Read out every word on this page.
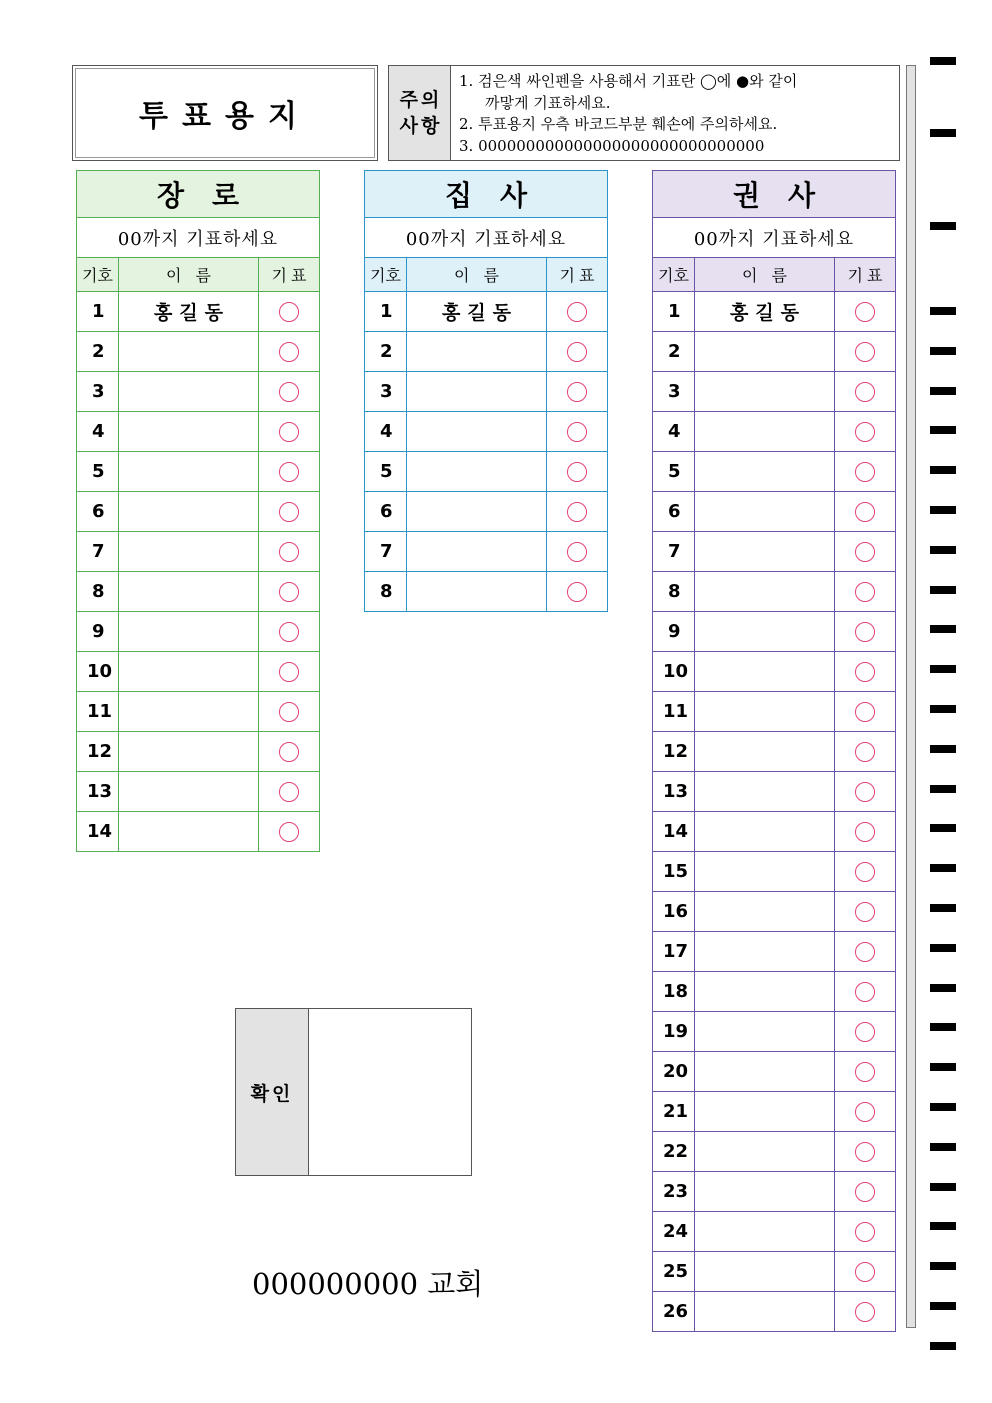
투표용지	주의
사항
1. 검은색 싸인펜을 사용해서 기표란 ◯에 ●와 같이
까맣게 기표하세요.
2. 투표용지 우측 바코드부분 훼손에 주의하세요.
3. 000000000000000000000000000000
장로		
00까지 기표하세요		
기호	이름	기표
1	홍길동	
2		
3		
4		
5		
6		
7		
8		
9		
10		
11		
12		
13		
14		
집사		
00까지 기표하세요		
기호	이름	기표
1	홍길동	
2		
3		
4		
5		
6		
7		
8		
권사		
00까지 기표하세요		
기호	이름	기표
1	홍길동	
2		
3		
4		
5		
6		
7		
8		
9		
10		
11		
12		
13		
14		
15		
16		
17		
18		
19		
20		
21		
22		
23		
24		
25		
26		
확인
000000000 교회
